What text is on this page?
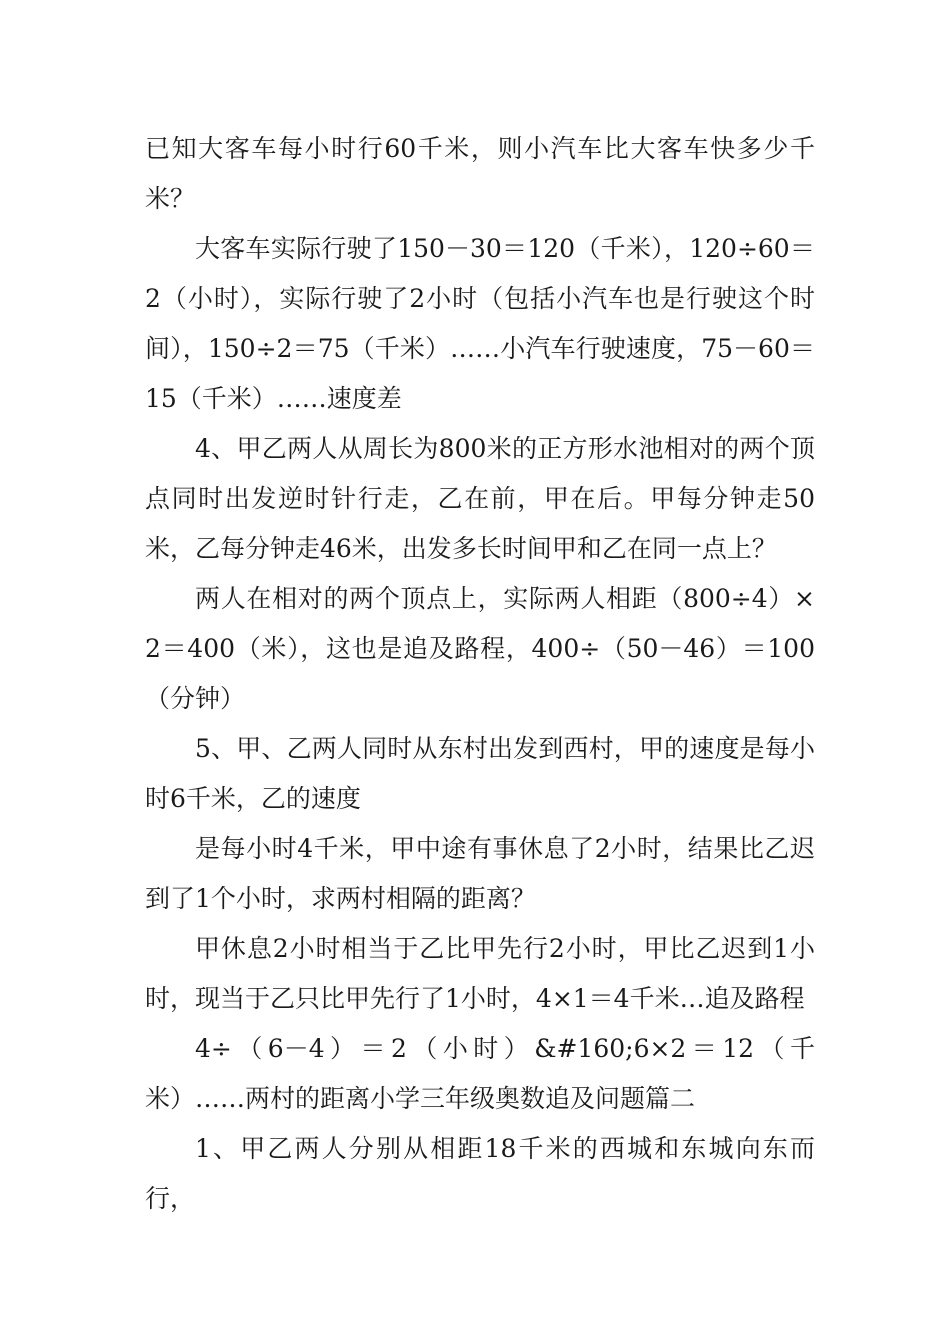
已知大客车每小时行60千米，则小汽车比大客车快多少千米？

大客车实际行驶了150－30＝120（千米），120÷60＝2（小时），实际行驶了2小时（包括小汽车也是行驶这个时间），150÷2＝75（千米）……小汽车行驶速度，75－60＝15（千米）……速度差

4、甲乙两人从周长为800米的正方形水池相对的两个顶点同时出发逆时针行走，乙在前，甲在后。甲每分钟走50米，乙每分钟走46米，出发多长时间甲和乙在同一点上？

两人在相对的两个顶点上，实际两人相距（800÷4）×2＝400（米），这也是追及路程，400÷（50－46）＝100（分钟）

5、甲、乙两人同时从东村出发到西村，甲的速度是每小时6千米，乙的速度

是每小时4千米，甲中途有事休息了2小时，结果比乙迟到了1个小时，求两村相隔的距离？

甲休息2小时相当于乙比甲先行2小时，甲比乙迟到1小时，现当于乙只比甲先行了1小时，4×1＝4千米…追及路程

4÷（6－4）＝2（小时）&#160;6×2＝12（千米）……两村的距离小学三年级奥数追及问题篇二

1、甲乙两人分别从相距18千米的西城和东城向东而行，
